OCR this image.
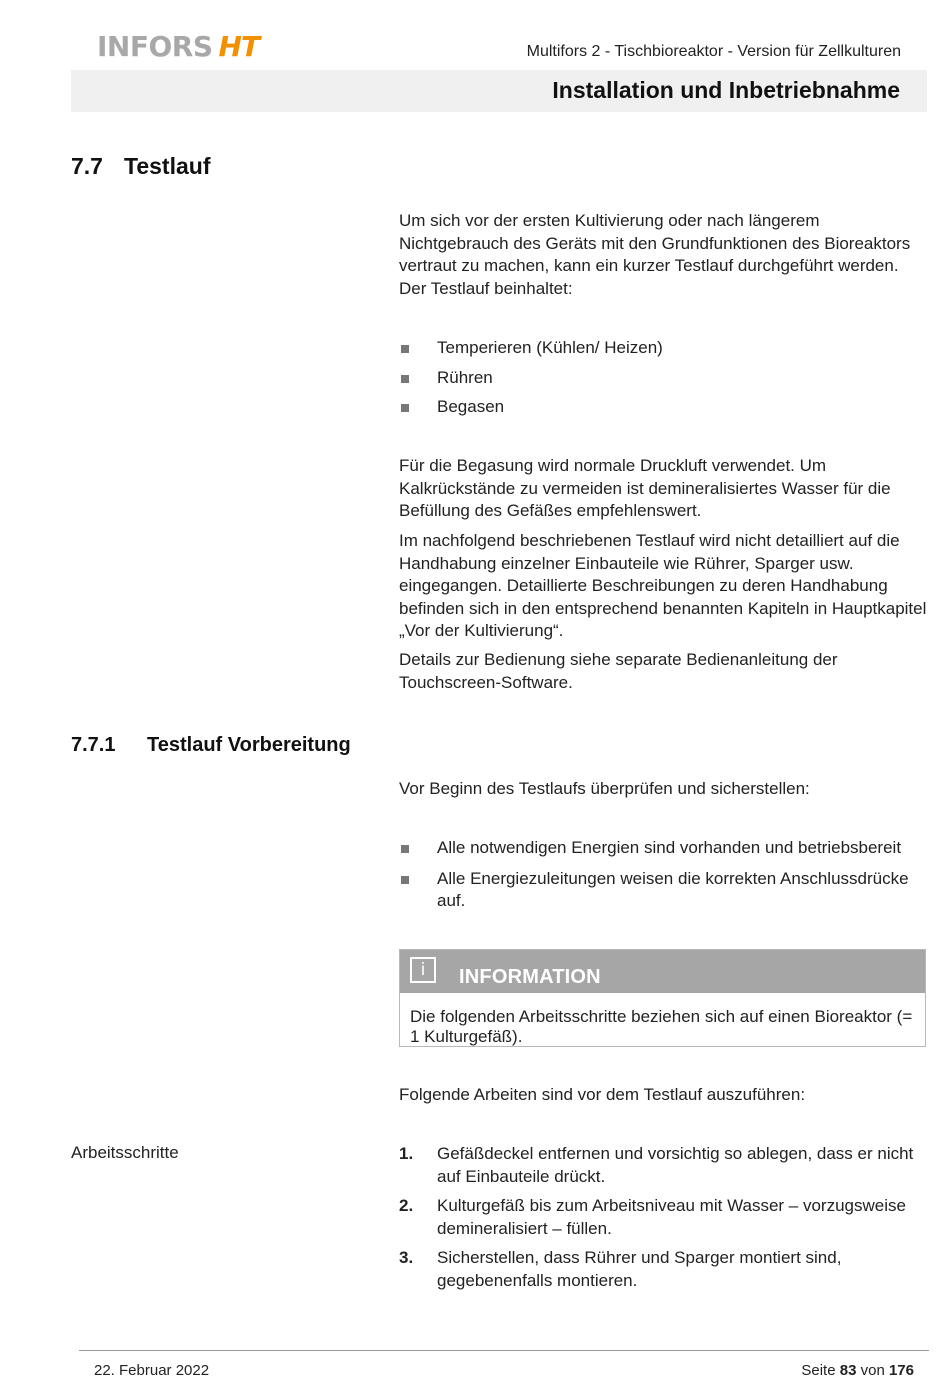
INFORS HT	Multifors 2 - Tischbioreaktor - Version für Zellkulturen
Installation und Inbetriebnahme
7.7 Testlauf

Um sich vor der ersten Kultivierung oder nach längerem Nichtgebrauch des Geräts mit den Grundfunktionen des Bioreaktors vertraut zu machen, kann ein kurzer Testlauf durchgeführt werden. Der Testlauf beinhaltet:

Temperieren (Kühlen/ Heizen)
Rühren
Begasen

Für die Begasung wird normale Druckluft verwendet. Um Kalkrückstände zu vermeiden ist demineralisiertes Wasser für die Befüllung des Gefäßes empfehlenswert.

Im nachfolgend beschriebenen Testlauf wird nicht detailliert auf die Handhabung einzelner Einbauteile wie Rührer, Sparger usw. eingegangen. Detaillierte Beschreibungen zu deren Handhabung befinden sich in den entsprechend benannten Kapiteln in Hauptkapitel „Vor der Kultivierung“.

Details zur Bedienung siehe separate Bedienanleitung der Touchscreen-Software.

7.7.1 Testlauf Vorbereitung

Vor Beginn des Testlaufs überprüfen und sicherstellen:

Alle notwendigen Energien sind vorhanden und betriebsbereit
Alle Energiezuleitungen weisen die korrekten Anschlussdrücke auf.
i	INFORMATION
Die folgenden Arbeitsschritte beziehen sich auf einen Bioreaktor (= 1 Kulturgefäß).

Folgende Arbeiten sind vor dem Testlauf auszuführen:

Arbeitsschritte	1. Gefäßdeckel entfernen und vorsichtig so ablegen, dass er nicht auf Einbauteile drückt.
2. Kulturgefäß bis zum Arbeitsniveau mit Wasser – vorzugsweise demineralisiert – füllen.
3. Sicherstellen, dass Rührer und Sparger montiert sind, gegebenenfalls montieren.
22. Februar 2022	Seite 83 von 176
